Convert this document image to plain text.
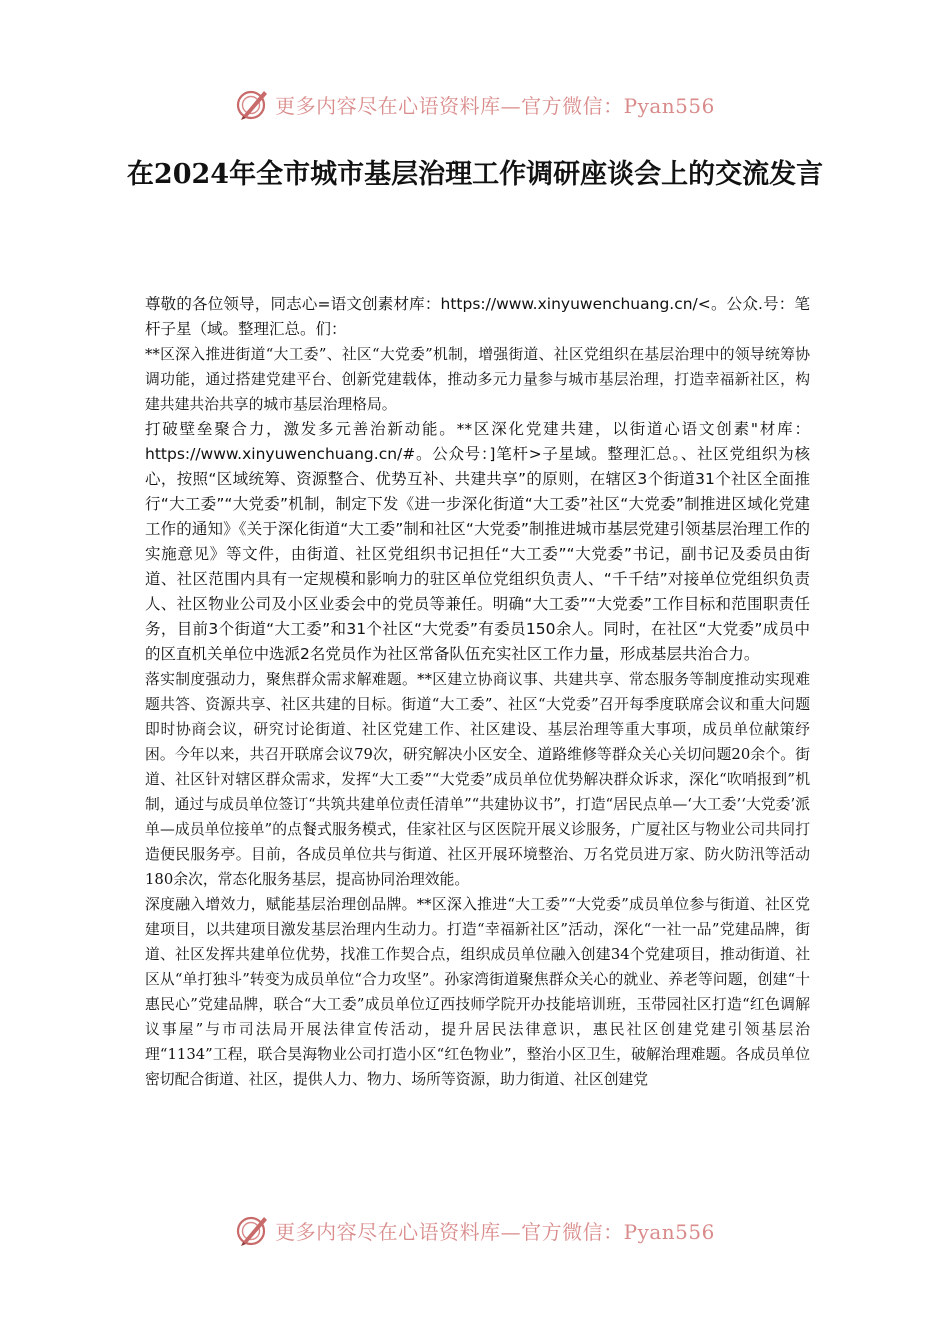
更多内容尽在心语资料库—官方微信：Pyan556
在2024年全市城市基层治理工作调研座谈会上的交流发言

尊敬的各位领导，同志心=语文创素材库：https://www.xinyuwenchuang.cn/<。公众.号：笔杆子星（域。整理汇总。们：

**区深入推进街道“大工委”、社区“大党委”机制，增强街道、社区党组织在基层治理中的领导统筹协调功能，通过搭建党建平台、创新党建载体，推动多元力量参与城市基层治理，打造幸福新社区，构建共建共治共享的城市基层治理格局。

打破壁垒聚合力，激发多元善治新动能。**区深化党建共建，以街道心语文创素"材库：https://www.xinyuwenchuang.cn/#。公众号：]笔杆>子星域。整理汇总。、社区党组织为核心，按照“区域统筹、资源整合、优势互补、共建共享”的原则，在辖区3个街道31个社区全面推行“大工委”“大党委”机制，制定下发《进一步深化街道“大工委”社区“大党委”制推进区域化党建工作的通知》《关于深化街道“大工委”制和社区“大党委”制推进城市基层党建引领基层治理工作的实施意见》等文件，由街道、社区党组织书记担任“大工委”“大党委”书记，副书记及委员由街道、社区范围内具有一定规模和影响力的驻区单位党组织负责人、“千千结”对接单位党组织负责人、社区物业公司及小区业委会中的党员等兼任。明确“大工委”“大党委”工作目标和范围职责任务，目前3个街道“大工委”和31个社区“大党委”有委员150余人。同时，在社区“大党委”成员中的区直机关单位中选派2名党员作为社区常备队伍充实社区工作力量，形成基层共治合力。

落实制度强动力，聚焦群众需求解难题。**区建立协商议事、共建共享、常态服务等制度推动实现难题共答、资源共享、社区共建的目标。街道“大工委”、社区“大党委”召开每季度联席会议和重大问题即时协商会议，研究讨论街道、社区党建工作、社区建设、基层治理等重大事项，成员单位献策纾困。今年以来，共召开联席会议79次，研究解决小区安全、道路维修等群众关心关切问题20余个。街道、社区针对辖区群众需求，发挥“大工委”“大党委”成员单位优势解决群众诉求，深化“吹哨报到”机制，通过与成员单位签订“共筑共建单位责任清单”“共建协议书”，打造“居民点单—‘大工委’‘大党委’派单—成员单位接单”的点餐式服务模式，佳家社区与区医院开展义诊服务，广厦社区与物业公司共同打造便民服务亭。目前，各成员单位共与街道、社区开展环境整治、万名党员进万家、防火防汛等活动180余次，常态化服务基层，提高协同治理效能。

深度融入增效力，赋能基层治理创品牌。**区深入推进“大工委”“大党委”成员单位参与街道、社区党建项目，以共建项目激发基层治理内生动力。打造“幸福新社区”活动，深化“一社一品”党建品牌，街道、社区发挥共建单位优势，找准工作契合点，组织成员单位融入创建34个党建项目，推动街道、社区从“单打独斗”转变为成员单位“合力攻坚”。孙家湾街道聚焦群众关心的就业、养老等问题，创建“十惠民心”党建品牌，联合“大工委”成员单位辽西技师学院开办技能培训班，玉带园社区打造“红色调解议事屋”与市司法局开展法律宣传活动，提升居民法律意识，惠民社区创建党建引领基层治理“1134”工程，联合昊海物业公司打造小区“红色物业”，整治小区卫生，破解治理难题。各成员单位密切配合街道、社区，提供人力、物力、场所等资源，助力街道、社区创建党

更多内容尽在心语资料库—官方微信：Pyan556
